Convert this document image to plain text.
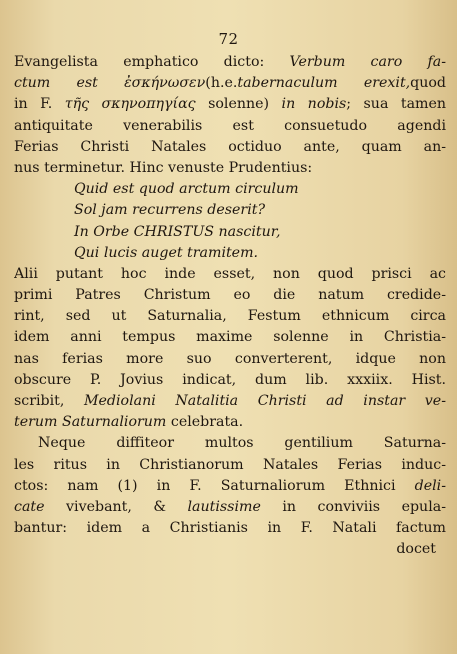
72
Evangelista emphatico dicto: Verbum caro fa-
ctum est ἐσκήνωσεν(h.e.tabernaculum erexit,quod
in F. τῆς σκηνοπηγίας solenne) in nobis; sua tamen
antiquitate venerabilis est consuetudo agendi
Ferias Christi Natales octiduo ante, quam an-
nus terminetur. Hinc venuste Prudentius:
Quid est quod arctum circulum
Sol jam recurrens deserit?
In Orbe CHRISTUS nascitur,
Qui lucis auget tramitem.
Alii putant hoc inde esset, non quod prisci ac
primi Patres Christum eo die natum credide-
rint, sed ut Saturnalia, Festum ethnicum circa
idem anni tempus maxime solenne in Christia-
nas ferias more suo converterent, idque non
obscure P. Jovius indicat, dum lib. xxxiix. Hist.
scribit, Mediolani Natalitia Christi ad instar ve-
terum Saturnaliorum celebrata.
Neque diffiteor multos gentilium Saturna-
les ritus in Christianorum Natales Ferias induc-
ctos: nam (1) in F. Saturnaliorum Ethnici deli-
cate vivebant, & lautissime in conviviis epula-
bantur: idem a Christianis in F. Natali factum
docet
